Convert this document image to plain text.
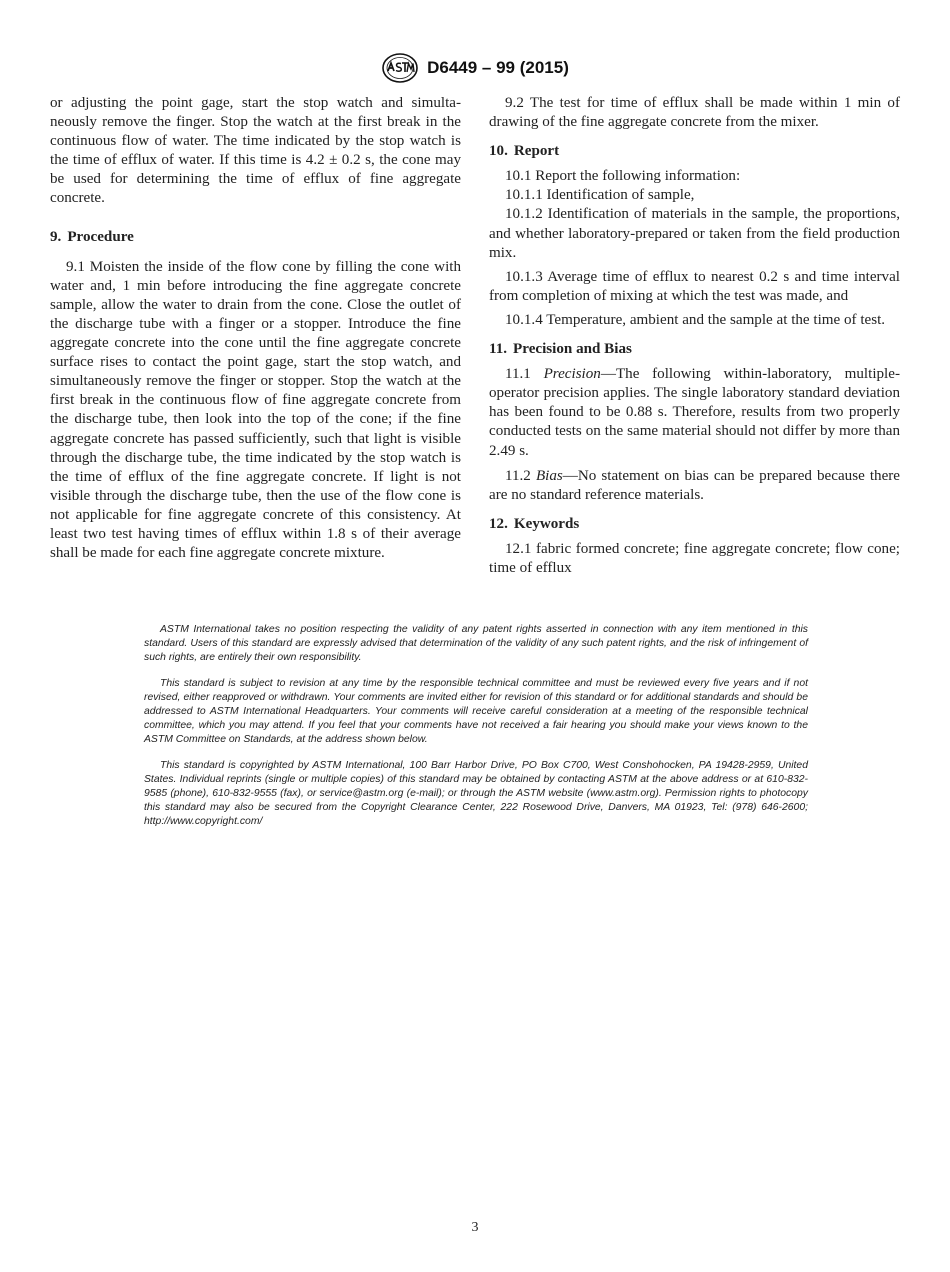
D6449 – 99 (2015)

or adjusting the point gage, start the stop watch and simulta-neously remove the finger. Stop the watch at the first break in the continuous flow of water. The time indicated by the stop watch is the time of efflux of water. If this time is 4.2 ± 0.2 s, the cone may be used for determining the time of efflux of fine aggregate concrete.

9. Procedure

9.1 Moisten the inside of the flow cone by filling the cone with water and, 1 min before introducing the fine aggregate concrete sample, allow the water to drain from the cone. Close the outlet of the discharge tube with a finger or a stopper. Introduce the fine aggregate concrete into the cone until the fine aggregate concrete surface rises to contact the point gage, start the stop watch, and simultaneously remove the finger or stopper. Stop the watch at the first break in the continuous flow of fine aggregate concrete from the discharge tube, then look into the top of the cone; if the fine aggregate concrete has passed sufficiently, such that light is visible through the discharge tube, the time indicated by the stop watch is the time of efflux of the fine aggregate concrete. If light is not visible through the discharge tube, then the use of the flow cone is not applicable for fine aggregate concrete of this consistency. At least two test having times of efflux within 1.8 s of their average shall be made for each fine aggregate concrete mixture.

9.2 The test for time of efflux shall be made within 1 min of drawing of the fine aggregate concrete from the mixer.

10. Report

10.1 Report the following information:

10.1.1 Identification of sample,

10.1.2 Identification of materials in the sample, the proportions, and whether laboratory-prepared or taken from the field production mix.

10.1.3 Average time of efflux to nearest 0.2 s and time interval from completion of mixing at which the test was made, and

10.1.4 Temperature, ambient and the sample at the time of test.

11. Precision and Bias

11.1 Precision—The following within-laboratory, multiple-operator precision applies. The single laboratory standard deviation has been found to be 0.88 s. Therefore, results from two properly conducted tests on the same material should not differ by more than 2.49 s.

11.2 Bias—No statement on bias can be prepared because there are no standard reference materials.

12. Keywords

12.1 fabric formed concrete; fine aggregate concrete; flow cone; time of efflux

ASTM International takes no position respecting the validity of any patent rights asserted in connection with any item mentioned in this standard. Users of this standard are expressly advised that determination of the validity of any such patent rights, and the risk of infringement of such rights, are entirely their own responsibility.

This standard is subject to revision at any time by the responsible technical committee and must be reviewed every five years and if not revised, either reapproved or withdrawn. Your comments are invited either for revision of this standard or for additional standards and should be addressed to ASTM International Headquarters. Your comments will receive careful consideration at a meeting of the responsible technical committee, which you may attend. If you feel that your comments have not received a fair hearing you should make your views known to the ASTM Committee on Standards, at the address shown below.

This standard is copyrighted by ASTM International, 100 Barr Harbor Drive, PO Box C700, West Conshohocken, PA 19428-2959, United States. Individual reprints (single or multiple copies) of this standard may be obtained by contacting ASTM at the above address or at 610-832-9585 (phone), 610-832-9555 (fax), or service@astm.org (e-mail); or through the ASTM website (www.astm.org). Permission rights to photocopy this standard may also be secured from the Copyright Clearance Center, 222 Rosewood Drive, Danvers, MA 01923, Tel: (978) 646-2600; http://www.copyright.com/

3
